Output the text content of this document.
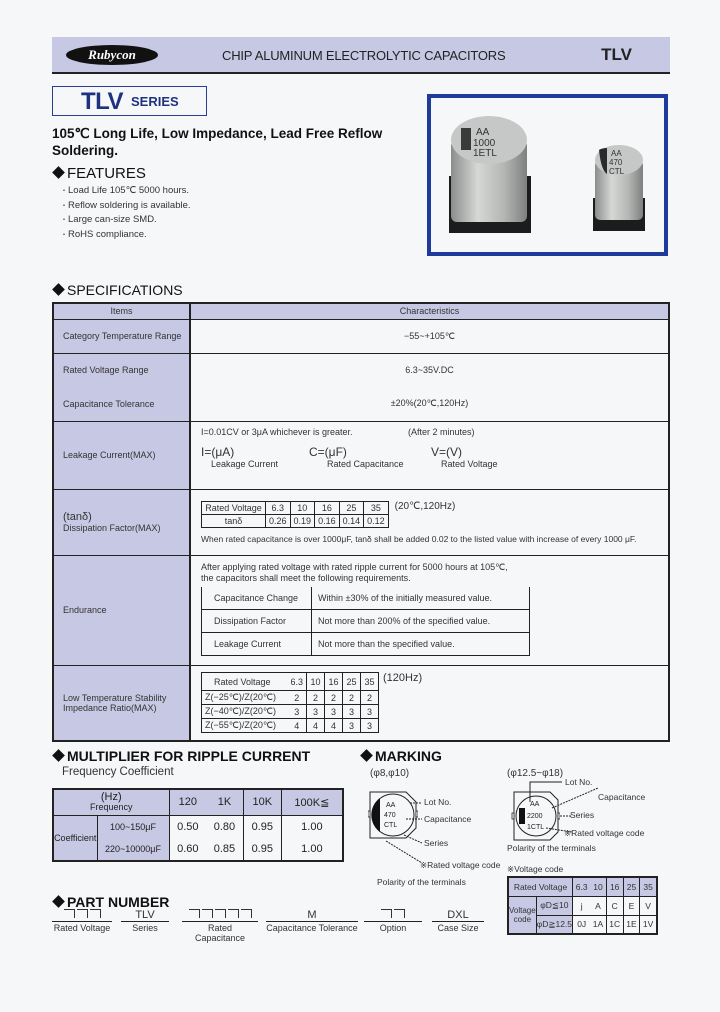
Rubycon	CHIP ALUMINUM ELECTROLYTIC CAPACITORS	TLV
TLV SERIES
105℃ Long Life, Low Impedance, Lead Free Reflow Soldering.
FEATURES
・ Load Life 105℃ 5000 hours.
・ Reflow soldering is available.
・ Large can-size SMD.
・ RoHS compliance.
AA
1000
1ETL	AA
470
CTL
SPECIFICATIONS
Items	Characteristics
Category Temperature Range	−55~+105℃
Rated Voltage Range	6.3~35V.DC
Capacitance Tolerance	±20%(20℃,120Hz)
Leakage Current(MAX)	
I=0.01CV or 3μA whichever is greater.	(After 2 minutes)
I=(μA)
Leakage Current
C=(μF)
Rated Capacitance
V=(V)
Rated Voltage

(tanδ)
Dissipation Factor(MAX)

Rated Voltage	6.3	10	16	25	35
tanδ	0.26	0.19	0.16	0.14	0.12
(20℃,120Hz)
When rated capacitance is over 1000μF, tanδ shall be added 0.02 to the listed value with increase of every 1000 μF.

Endurance	
After applying rated voltage with rated ripple current for 5000 hours at 105℃,
the capacitors shall meet the following requirements.
Capacitance Change	Within ±30% of the initially measured value.
Dissipation Factor	Not more than 200% of the specified value.
Leakage Current	Not more than the specified value.

Low Temperature Stability
Impedance Ratio(MAX)

Rated Voltage	6.3	10	16	25	35
Z(−25℃)/Z(20℃)	2	2	2	2	2
Z(−40℃)/Z(20℃)	3	3	3	3	3
Z(−55℃)/Z(20℃)	4	4	4	3	3
(120Hz)
MULTIPLIER FOR RIPPLE CURRENT
Frequency Coefficient
(Hz)
Frequency		120	1K	10K	100K≦
Coefficient	100~150μF	0.50	0.80	0.95	1.00
	220~10000μF	0.60	0.85	0.95	1.00
MARKING
(φ8,φ10)
AA
470
CTL
Lot No.
Capacitance
Series
※Rated voltage code
Polarity of the terminals
(φ12.5~φ18)
AA
2200
1CTL
Lot No.
Capacitance
Series
※Rated voltage code
Polarity of the terminals
※Voltage code
Rated Voltage		6.3	10	16	25	35
Voltage code	φD≦10	j	A	C	E	V
	φD≧12.5	0J	1A	1C	1E	1V
PART NUMBER
Rated Voltage
TLV
Series	Rated Capacitance
M
Capacitance Tolerance	Option
DXL
Case Size
